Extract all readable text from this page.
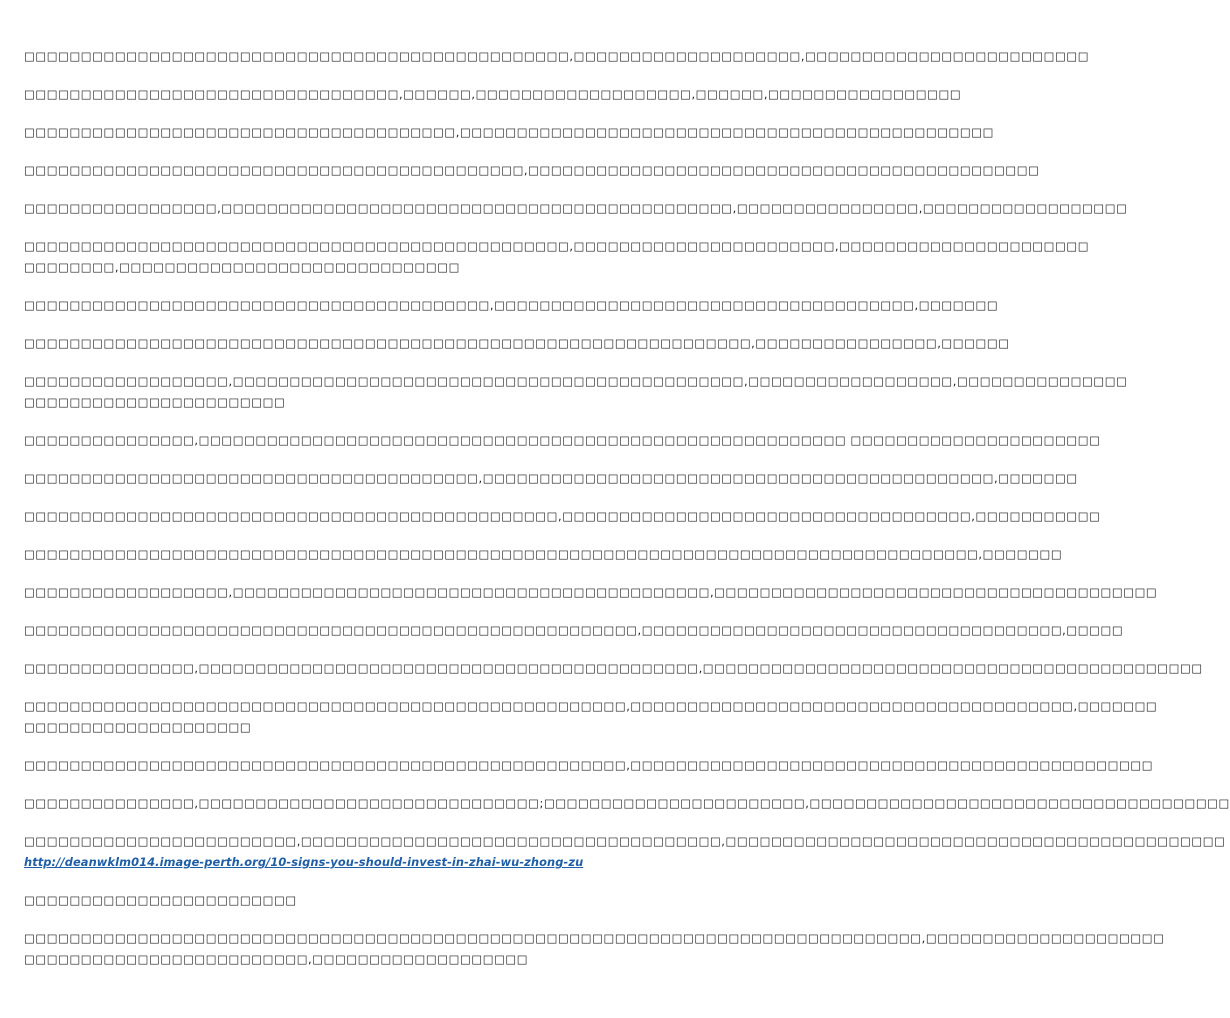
□□□□□□□□□□□□□□□□□□□□□□□□□□□□□□□□□□□□□□□□□□□□□□□□,□□□□□□□□□□□□□□□□□□□□,□□□□□□□□□□□□□□□□□□□□□□□□□

□□□□□□□□□□□□□□□□□□□□□□□□□□□□□□□□□,□□□□□□,□□□□□□□□□□□□□□□□□□□,□□□□□□,□□□□□□□□□□□□□□□□□

□□□□□□□□□□□□□□□□□□□□□□□□□□□□□□□□□□□□□□,□□□□□□□□□□□□□□□□□□□□□□□□□□□□□□□□□□□□□□□□□□□□□□□

□□□□□□□□□□□□□□□□□□□□□□□□□□□□□□□□□□□□□□□□□□□□,□□□□□□□□□□□□□□□□□□□□□□□□□□□□□□□□□□□□□□□□□□□□□

□□□□□□□□□□□□□□□□□,□□□□□□□□□□□□□□□□□□□□□□□□□□□□□□□□□□□□□□□□□□□□□,□□□□□□□□□□□□□□□□,□□□□□□□□□□□□□□□□□□

□□□□□□□□□□□□□□□□□□□□□□□□□□□□□□□□□□□□□□□□□□□□□□□□,□□□□□□□□□□□□□□□□□□□□□□□,□□□□□□□□□□□□□□□□□□□□□□
□□□□□□□□,□□□□□□□□□□□□□□□□□□□□□□□□□□□□□□

□□□□□□□□□□□□□□□□□□□□□□□□□□□□□□□□□□□□□□□□□,□□□□□□□□□□□□□□□□□□□□□□□□□□□□□□□□□□□□□,□□□□□□□

□□□□□□□□□□□□□□□□□□□□□□□□□□□□□□□□□□□□□□□□□□□□□□□□□□□□□□□□□□□□□□□□,□□□□□□□□□□□□□□□□,□□□□□□

□□□□□□□□□□□□□□□□□□,□□□□□□□□□□□□□□□□□□□□□□□□□□□□□□□□□□□□□□□□□□□□□,□□□□□□□□□□□□□□□□□□,□□□□□□□□□□□□□□□
□□□□□□□□□□□□□□□□□□□□□□□

□□□□□□□□□□□□□□□,□□□□□□□□□□□□□□□□□□□□□□□□□□□□□□□□□□□□□□□□□□□□□□□□□□□□□□□□□ □□□□□□□□□□□□□□□□□□□□□□

□□□□□□□□□□□□□□□□□□□□□□□□□□□□□□□□□□□□□□□□,□□□□□□□□□□□□□□□□□□□□□□□□□□□□□□□□□□□□□□□□□□□□□,□□□□□□□

□□□□□□□□□□□□□□□□□□□□□□□□□□□□□□□□□□□□□□□□□□□□□□□,□□□□□□□□□□□□□□□□□□□□□□□□□□□□□□□□□□□□,□□□□□□□□□□□

□□□□□□□□□□□□□□□□□□□□□□□□□□□□□□□□□□□□□□□□□□□□□□□□□□□□□□□□□□□□□□□□□□□□□□□□□□□□□□□□□□□□,□□□□□□□

□□□□□□□□□□□□□□□□□□,□□□□□□□□□□□□□□□□□□□□□□□□□□□□□□□□□□□□□□□□□□,□□□□□□□□□□□□□□□□□□□□□□□□□□□□□□□□□□□□□□□

□□□□□□□□□□□□□□□□□□□□□□□□□□□□□□□□□□□□□□□□□□□□□□□□□□□□□□,□□□□□□□□□□□□□□□□□□□□□□□□□□□□□□□□□□□□□,□□□□□

□□□□□□□□□□□□□□□,□□□□□□□□□□□□□□□□□□□□□□□□□□□□□□□□□□□□□□□□□□□□,□□□□□□□□□□□□□□□□□□□□□□□□□□□□□□□□□□□□□□□□□□□□

□□□□□□□□□□□□□□□□□□□□□□□□□□□□□□□□□□□□□□□□□□□□□□□□□□□□□,□□□□□□□□□□□□□□□□□□□□□□□□□□□□□□□□□□□□□□□,□□□□□□□
□□□□□□□□□□□□□□□□□□□□

□□□□□□□□□□□□□□□□□□□□□□□□□□□□□□□□□□□□□□□□□□□□□□□□□□□□□,□□□□□□□□□□□□□□□□□□□□□□□□□□□□□□□□□□□□□□□□□□□□□□

□□□□□□□□□□□□□□□,□□□□□□□□□□□□□□□□□□□□□□□□□□□□□□;□□□□□□□□□□□□□□□□□□□□□□□,□□□□□□□□□□□□□□□□□□□□□□□□□□□□□□□□□□□□□

□□□□□□□□□□□□□□□□□□□□□□□□,□□□□□□□□□□□□□□□□□□□□□□□□□□□□□□□□□□□□□,□□□□□□□□□□□□□□□□□□□□□□□□□□□□□□□□□□□□□□□□□□□□
http://deanwklm014.image-perth.org/10-signs-you-should-invest-in-zhai-wu-zhong-zu

□□□□□□□□□□□□□□□□□□□□□□□□

□□□□□□□□□□□□□□□□□□□□□□□□□□□□□□□□□□□□□□□□□□□□□□□□□□□□□□□□□□□□□□□□□□□□□□□□□□□□□□□,□□□□□□□□□□□□□□□□□□□□□
□□□□□□□□□□□□□□□□□□□□□□□□□,□□□□□□□□□□□□□□□□□□□
